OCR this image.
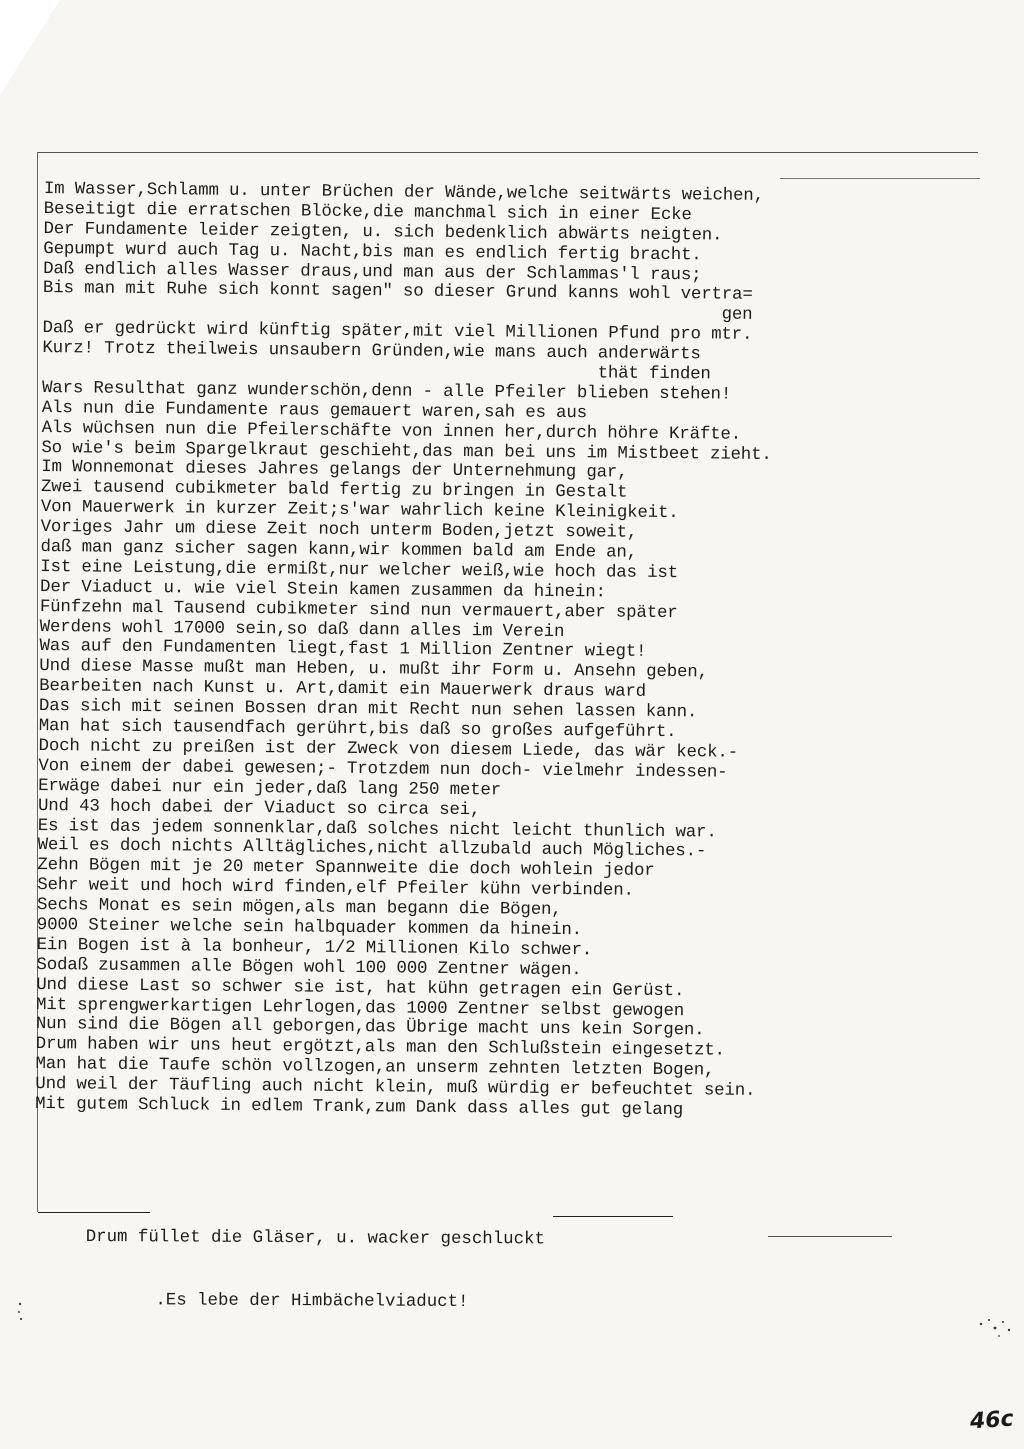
Im Wasser,Schlamm u. unter Brüchen der Wände,welche seitwärts weichen,
Beseitigt die erratschen Blöcke,die manchmal sich in einer Ecke
Der Fundamente leider zeigten, u. sich bedenklich abwärts neigten.
Gepumpt wurd auch Tag u. Nacht,bis man es endlich fertig bracht.
Daß endlich alles Wasser draus,und man aus der Schlammas'l raus;
Bis man mit Ruhe sich konnt sagen" so dieser Grund kanns wohl vertra=
gen
Daß er gedrückt wird künftig später,mit viel Millionen Pfund pro mtr.
Kurz! Trotz theilweis unsaubern Gründen,wie mans auch anderwärts
thät finden
Wars Resulthat ganz wunderschön,denn - alle Pfeiler blieben stehen!
Als nun die Fundamente raus gemauert waren,sah es aus
Als wüchsen nun die Pfeilerschäfte von innen her,durch höhre Kräfte.
So wie's beim Spargelkraut geschieht,das man bei uns im Mistbeet zieht.
Im Wonnemonat dieses Jahres gelangs der Unternehmung gar,
Zwei tausend cubikmeter bald fertig zu bringen in Gestalt
Von Mauerwerk in kurzer Zeit;s'war wahrlich keine Kleinigkeit.
Voriges Jahr um diese Zeit noch unterm Boden,jetzt soweit,
daß man ganz sicher sagen kann,wir kommen bald am Ende an,
Ist eine Leistung,die ermißt,nur welcher weiß,wie hoch das ist
Der Viaduct u. wie viel Stein kamen zusammen da hinein:
Fünfzehn mal Tausend cubikmeter sind nun vermauert,aber später
Werdens wohl 17000 sein,so daß dann alles im Verein
Was auf den Fundamenten liegt,fast 1 Million Zentner wiegt!
Und diese Masse mußt man Heben, u. mußt ihr Form u. Ansehn geben,
Bearbeiten nach Kunst u. Art,damit ein Mauerwerk draus ward
Das sich mit seinen Bossen dran mit Recht nun sehen lassen kann.
Man hat sich tausendfach gerührt,bis daß so großes aufgeführt.
Doch nicht zu preißen ist der Zweck von diesem Liede, das wär keck.-
Von einem der dabei gewesen;- Trotzdem nun doch- vielmehr indessen-
Erwäge dabei nur ein jeder,daß lang 250 meter
Und 43 hoch dabei der Viaduct so circa sei,
Es ist das jedem sonnenklar,daß solches nicht leicht thunlich war.
Weil es doch nichts Alltägliches,nicht allzubald auch Mögliches.-
Zehn Bögen mit je 20 meter Spannweite die doch wohlein jedor
Sehr weit und hoch wird finden,elf Pfeiler kühn verbinden.
Sechs Monat es sein mögen,als man begann die Bögen,
9000 Steiner welche sein halbquader kommen da hinein.
Ein Bogen ist à la bonheur, 1/2 Millionen Kilo schwer.
Sodaß zusammen alle Bögen wohl 100 000 Zentner wägen.
Und diese Last so schwer sie ist, hat kühn getragen ein Gerüst.
Mit sprengwerkartigen Lehrlogen,das 1000 Zentner selbst gewogen
Nun sind die Bögen all geborgen,das Übrige macht uns kein Sorgen.
Drum haben wir uns heut ergötzt,als man den Schlußstein eingesetzt.
Man hat die Taufe schön vollzogen,an unserm zehnten letzten Bogen,
Und weil der Täufling auch nicht klein, muß würdig er befeuchtet sein.
Mit gutem Schluck in edlem Trank,zum Dank dass alles gut gelang

Drum füllet die Gläser, u. wacker geschluckt

.Es lebe der Himbächelviaduct!

46c
